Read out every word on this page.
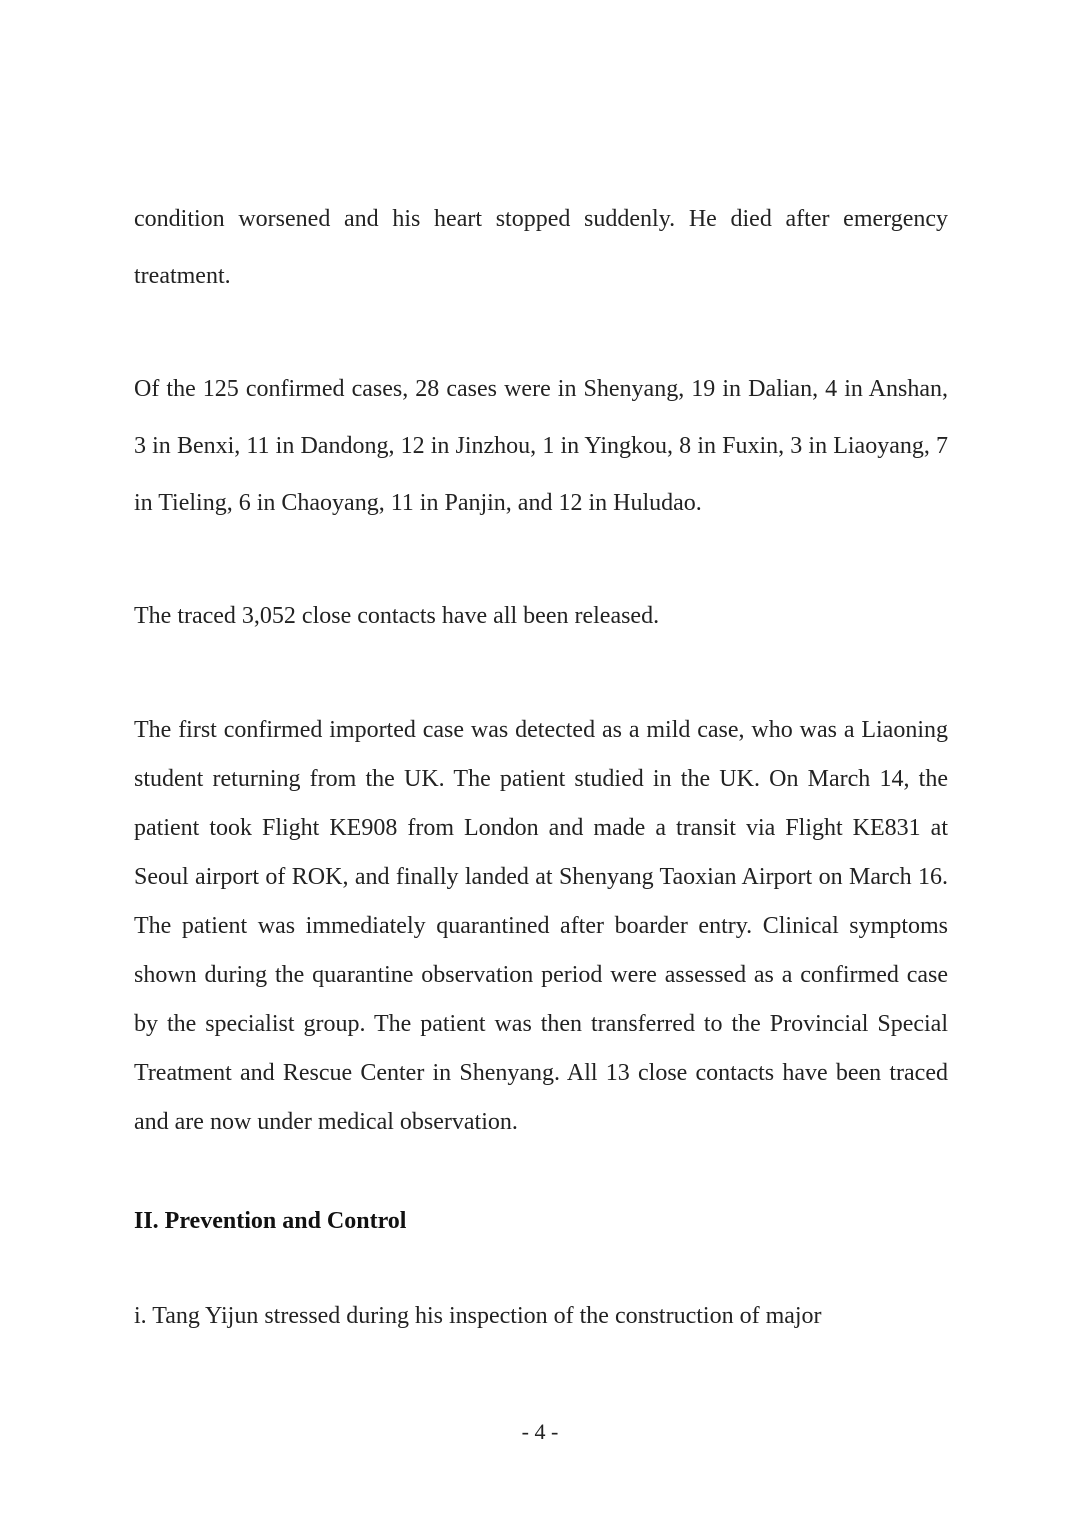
condition worsened and his heart stopped suddenly. He died after emergency treatment.

Of the 125 confirmed cases, 28 cases were in Shenyang, 19 in Dalian, 4 in Anshan, 3 in Benxi, 11 in Dandong, 12 in Jinzhou, 1 in Yingkou, 8 in Fuxin, 3 in Liaoyang, 7 in Tieling, 6 in Chaoyang, 11 in Panjin, and 12 in Huludao.

The traced 3,052 close contacts have all been released.

The first confirmed imported case was detected as a mild case, who was a Liaoning student returning from the UK. The patient studied in the UK. On March 14, the patient took Flight KE908 from London and made a transit via Flight KE831 at Seoul airport of ROK, and finally landed at Shenyang Taoxian Airport on March 16. The patient was immediately quarantined after boarder entry. Clinical symptoms shown during the quarantine observation period were assessed as a confirmed case by the specialist group. The patient was then transferred to the Provincial Special Treatment and Rescue Center in Shenyang. All 13 close contacts have been traced and are now under medical observation.

II. Prevention and Control

i. Tang Yijun stressed during his inspection of the construction of major

- 4 -
